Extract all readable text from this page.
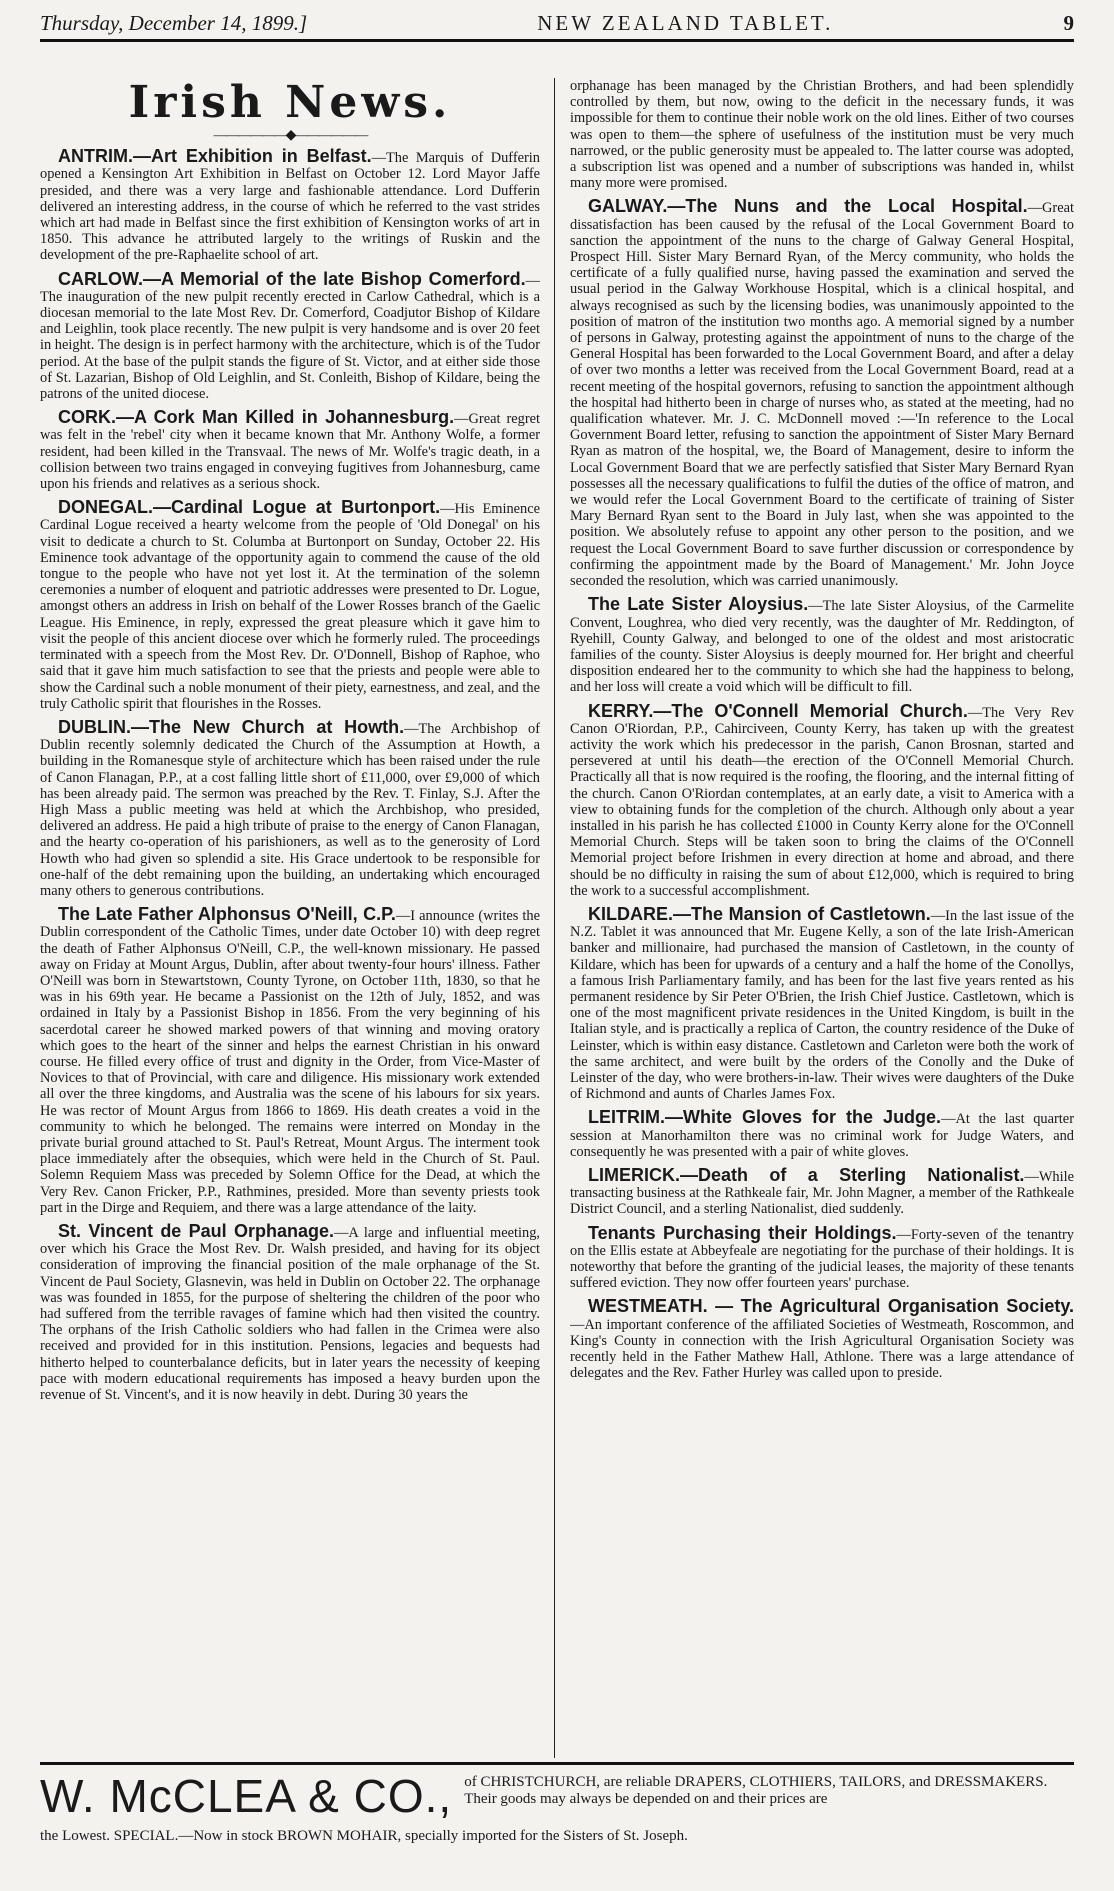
Thursday, December 14, 1899.]	NEW ZEALAND TABLET.	9
Irish News.
——————◆——————

ANTRIM.—Art Exhibition in Belfast.—The Marquis of Dufferin opened a Kensington Art Exhibition in Belfast on October 12. Lord Mayor Jaffe presided, and there was a very large and fashionable attendance. Lord Dufferin delivered an interesting address, in the course of which he referred to the vast strides which art had made in Belfast since the first exhibition of Kensington works of art in 1850. This advance he attributed largely to the writings of Ruskin and the development of the pre-Raphaelite school of art.

CARLOW.—A Memorial of the late Bishop Comerford.—The inauguration of the new pulpit recently erected in Carlow Cathedral, which is a diocesan memorial to the late Most Rev. Dr. Comerford, Coadjutor Bishop of Kildare and Leighlin, took place recently. The new pulpit is very handsome and is over 20 feet in height. The design is in perfect harmony with the architecture, which is of the Tudor period. At the base of the pulpit stands the figure of St. Victor, and at either side those of St. Lazarian, Bishop of Old Leighlin, and St. Conleith, Bishop of Kildare, being the patrons of the united diocese.

CORK.—A Cork Man Killed in Johannesburg.—Great regret was felt in the 'rebel' city when it became known that Mr. Anthony Wolfe, a former resident, had been killed in the Transvaal. The news of Mr. Wolfe's tragic death, in a collision between two trains engaged in conveying fugitives from Johannesburg, came upon his friends and relatives as a serious shock.

DONEGAL.—Cardinal Logue at Burtonport.—His Eminence Cardinal Logue received a hearty welcome from the people of 'Old Donegal' on his visit to dedicate a church to St. Columba at Burtonport on Sunday, October 22. His Eminence took advantage of the opportunity again to commend the cause of the old tongue to the people who have not yet lost it. At the termination of the solemn ceremonies a number of eloquent and patriotic addresses were presented to Dr. Logue, amongst others an address in Irish on behalf of the Lower Rosses branch of the Gaelic League. His Eminence, in reply, expressed the great pleasure which it gave him to visit the people of this ancient diocese over which he formerly ruled. The proceedings terminated with a speech from the Most Rev. Dr. O'Donnell, Bishop of Raphoe, who said that it gave him much satisfaction to see that the priests and people were able to show the Cardinal such a noble monument of their piety, earnestness, and zeal, and the truly Catholic spirit that flourishes in the Rosses.

DUBLIN.—The New Church at Howth.—The Archbishop of Dublin recently solemnly dedicated the Church of the Assumption at Howth, a building in the Romanesque style of architecture which has been raised under the rule of Canon Flanagan, P.P., at a cost falling little short of £11,000, over £9,000 of which has been already paid. The sermon was preached by the Rev. T. Finlay, S.J. After the High Mass a public meeting was held at which the Archbishop, who presided, delivered an address. He paid a high tribute of praise to the energy of Canon Flanagan, and the hearty co-operation of his parishioners, as well as to the generosity of Lord Howth who had given so splendid a site. His Grace undertook to be responsible for one-half of the debt remaining upon the building, an undertaking which encouraged many others to generous contributions.

The Late Father Alphonsus O'Neill, C.P.—I announce (writes the Dublin correspondent of the Catholic Times, under date October 10) with deep regret the death of Father Alphonsus O'Neill, C.P., the well-known missionary. He passed away on Friday at Mount Argus, Dublin, after about twenty-four hours' illness. Father O'Neill was born in Stewartstown, County Tyrone, on October 11th, 1830, so that he was in his 69th year. He became a Passionist on the 12th of July, 1852, and was ordained in Italy by a Passionist Bishop in 1856. From the very beginning of his sacerdotal career he showed marked powers of that winning and moving oratory which goes to the heart of the sinner and helps the earnest Christian in his onward course. He filled every office of trust and dignity in the Order, from Vice-Master of Novices to that of Provincial, with care and diligence. His missionary work extended all over the three kingdoms, and Australia was the scene of his labours for six years. He was rector of Mount Argus from 1866 to 1869. His death creates a void in the community to which he belonged. The remains were interred on Monday in the private burial ground attached to St. Paul's Retreat, Mount Argus. The interment took place immediately after the obsequies, which were held in the Church of St. Paul. Solemn Requiem Mass was preceded by Solemn Office for the Dead, at which the Very Rev. Canon Fricker, P.P., Rathmines, presided. More than seventy priests took part in the Dirge and Requiem, and there was a large attendance of the laity.

St. Vincent de Paul Orphanage.—A large and influential meeting, over which his Grace the Most Rev. Dr. Walsh presided, and having for its object consideration of improving the financial position of the male orphanage of the St. Vincent de Paul Society, Glasnevin, was held in Dublin on October 22. The orphanage was was founded in 1855, for the purpose of sheltering the children of the poor who had suffered from the terrible ravages of famine which had then visited the country. The orphans of the Irish Catholic soldiers who had fallen in the Crimea were also received and provided for in this institution. Pensions, legacies and bequests had hitherto helped to counterbalance deficits, but in later years the necessity of keeping pace with modern educational requirements has imposed a heavy burden upon the revenue of St. Vincent's, and it is now heavily in debt. During 30 years the

orphanage has been managed by the Christian Brothers, and had been splendidly controlled by them, but now, owing to the deficit in the necessary funds, it was impossible for them to continue their noble work on the old lines. Either of two courses was open to them—the sphere of usefulness of the institution must be very much narrowed, or the public generosity must be appealed to. The latter course was adopted, a subscription list was opened and a number of subscriptions was handed in, whilst many more were promised.

GALWAY.—The Nuns and the Local Hospital.—Great dissatisfaction has been caused by the refusal of the Local Government Board to sanction the appointment of the nuns to the charge of Galway General Hospital, Prospect Hill. Sister Mary Bernard Ryan, of the Mercy community, who holds the certificate of a fully qualified nurse, having passed the examination and served the usual period in the Galway Workhouse Hospital, which is a clinical hospital, and always recognised as such by the licensing bodies, was unanimously appointed to the position of matron of the institution two months ago. A memorial signed by a number of persons in Galway, protesting against the appointment of nuns to the charge of the General Hospital has been forwarded to the Local Government Board, and after a delay of over two months a letter was received from the Local Government Board, read at a recent meeting of the hospital governors, refusing to sanction the appointment although the hospital had hitherto been in charge of nurses who, as stated at the meeting, had no qualification whatever. Mr. J. C. McDonnell moved :—'In reference to the Local Government Board letter, refusing to sanction the appointment of Sister Mary Bernard Ryan as matron of the hospital, we, the Board of Management, desire to inform the Local Government Board that we are perfectly satisfied that Sister Mary Bernard Ryan possesses all the necessary qualifications to fulfil the duties of the office of matron, and we would refer the Local Government Board to the certificate of training of Sister Mary Bernard Ryan sent to the Board in July last, when she was appointed to the position. We absolutely refuse to appoint any other person to the position, and we request the Local Government Board to save further discussion or correspondence by confirming the appointment made by the Board of Management.' Mr. John Joyce seconded the resolution, which was carried unanimously.

The Late Sister Aloysius.—The late Sister Aloysius, of the Carmelite Convent, Loughrea, who died very recently, was the daughter of Mr. Reddington, of Ryehill, County Galway, and belonged to one of the oldest and most aristocratic families of the county. Sister Aloysius is deeply mourned for. Her bright and cheerful disposition endeared her to the community to which she had the happiness to belong, and her loss will create a void which will be difficult to fill.

KERRY.—The O'Connell Memorial Church.—The Very Rev Canon O'Riordan, P.P., Cahirciveen, County Kerry, has taken up with the greatest activity the work which his predecessor in the parish, Canon Brosnan, started and persevered at until his death—the erection of the O'Connell Memorial Church. Practically all that is now required is the roofing, the flooring, and the internal fitting of the church. Canon O'Riordan contemplates, at an early date, a visit to America with a view to obtaining funds for the completion of the church. Although only about a year installed in his parish he has collected £1000 in County Kerry alone for the O'Connell Memorial Church. Steps will be taken soon to bring the claims of the O'Connell Memorial project before Irishmen in every direction at home and abroad, and there should be no difficulty in raising the sum of about £12,000, which is required to bring the work to a successful accomplishment.

KILDARE.—The Mansion of Castletown.—In the last issue of the N.Z. Tablet it was announced that Mr. Eugene Kelly, a son of the late Irish-American banker and millionaire, had purchased the mansion of Castletown, in the county of Kildare, which has been for upwards of a century and a half the home of the Conollys, a famous Irish Parliamentary family, and has been for the last five years rented as his permanent residence by Sir Peter O'Brien, the Irish Chief Justice. Castletown, which is one of the most magnificent private residences in the United Kingdom, is built in the Italian style, and is practically a replica of Carton, the country residence of the Duke of Leinster, which is within easy distance. Castletown and Carleton were both the work of the same architect, and were built by the orders of the Conolly and the Duke of Leinster of the day, who were brothers-in-law. Their wives were daughters of the Duke of Richmond and aunts of Charles James Fox.

LEITRIM.—White Gloves for the Judge.—At the last quarter session at Manorhamilton there was no criminal work for Judge Waters, and consequently he was presented with a pair of white gloves.

LIMERICK.—Death of a Sterling Nationalist.—While transacting business at the Rathkeale fair, Mr. John Magner, a member of the Rathkeale District Council, and a sterling Nationalist, died suddenly.

Tenants Purchasing their Holdings.—Forty-seven of the tenantry on the Ellis estate at Abbeyfeale are negotiating for the purchase of their holdings. It is noteworthy that before the granting of the judicial leases, the majority of these tenants suffered eviction. They now offer fourteen years' purchase.

WESTMEATH. — The Agricultural Organisation Society.—An important conference of the affiliated Societies of Westmeath, Roscommon, and King's County in connection with the Irish Agricultural Organisation Society was recently held in the Father Mathew Hall, Athlone. There was a large attendance of delegates and the Rev. Father Hurley was called upon to preside.

W. McCLEA & CO., of CHRISTCHURCH, are reliable DRAPERS, CLOTHIERS, TAILORS, and DRESSMAKERS. Their goods may always be depended on and their prices are
the Lowest. SPECIAL.—Now in stock BROWN MOHAIR, specially imported for the Sisters of St. Joseph.
